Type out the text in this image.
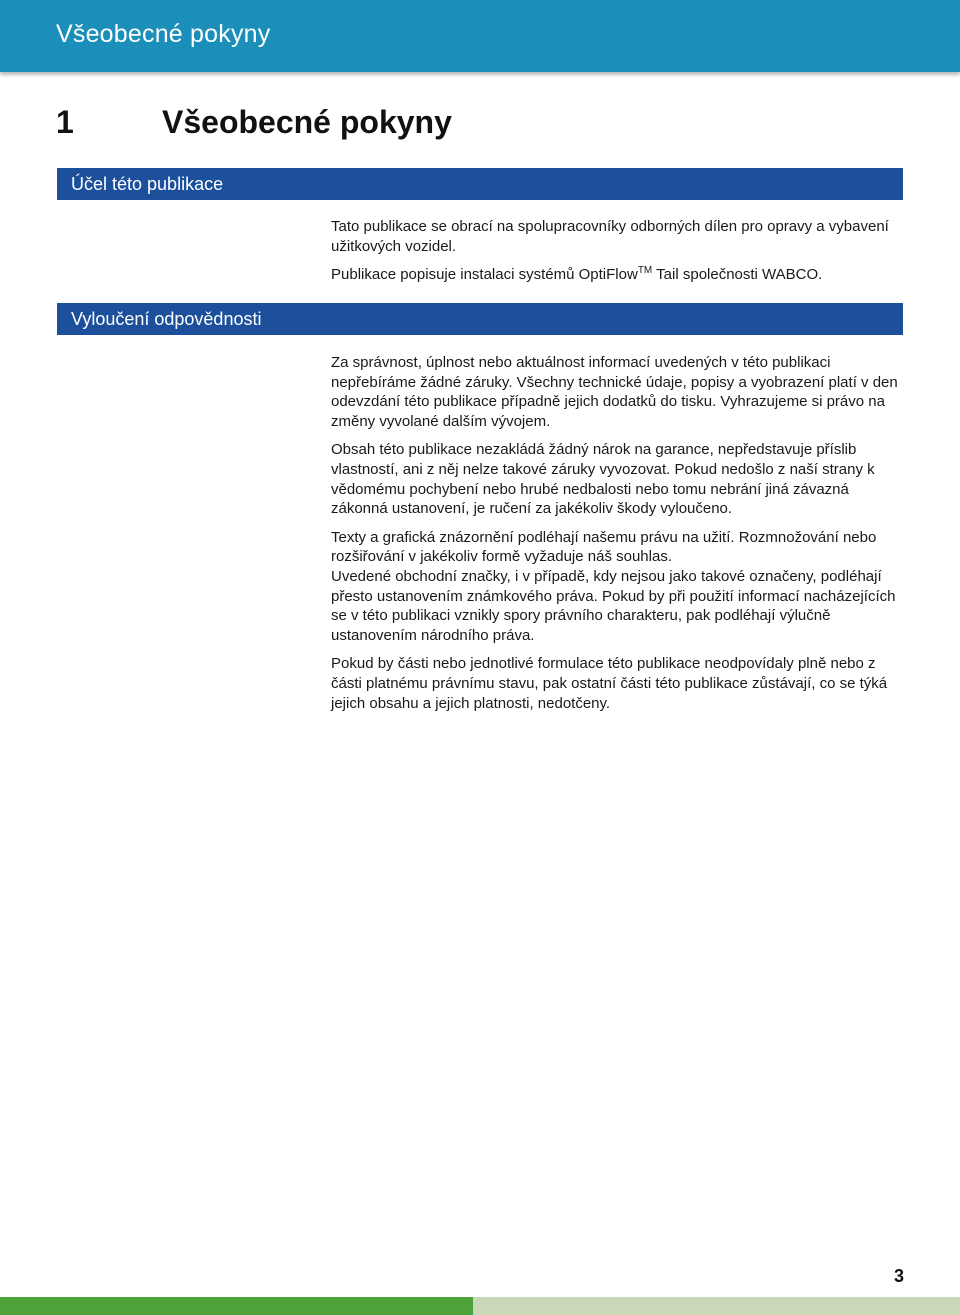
Všeobecné pokyny
1	Všeobecné pokyny
Účel této publikace

Tato publikace se obrací na spolupracovníky odborných dílen pro opravy a vybavení užitkových vozidel.

Publikace popisuje instalaci systémů OptiFlow™ Tail společnosti WABCO.

Vyloučení odpovědnosti

Za správnost, úplnost nebo aktuálnost informací uvedených v této publikaci nepřebíráme žádné záruky. Všechny technické údaje, popisy a vyobrazení platí v den odevzdání této publikace případně jejich dodatků do tisku. Vyhrazujeme si právo na změny vyvolané dalším vývojem.

Obsah této publikace nezakládá žádný nárok na garance, nepředstavuje příslib vlastností, ani z něj nelze takové záruky vyvozovat. Pokud nedošlo z naší strany k vědomému pochybení nebo hrubé nedbalosti nebo tomu nebrání jiná závazná zákonná ustanovení, je ručení za jakékoliv škody vyloučeno.

Texty a grafická znázornění podléhají našemu právu na užití. Rozmnožování nebo rozšiřování v jakékoliv formě vyžaduje náš souhlas.

Uvedené obchodní značky, i v případě, kdy nejsou jako takové označeny, podléhají přesto ustanovením známkového práva. Pokud by při použití informací nacházejících se v této publikaci vznikly spory právního charakteru, pak podléhají výlučně ustanovením národního práva.

Pokud by části nebo jednotlivé formulace této publikace neodpovídaly plně nebo z části platnému právnímu stavu, pak ostatní části této publikace zůstávají, co se týká jejich obsahu a jejich platnosti, nedotčeny.

3
